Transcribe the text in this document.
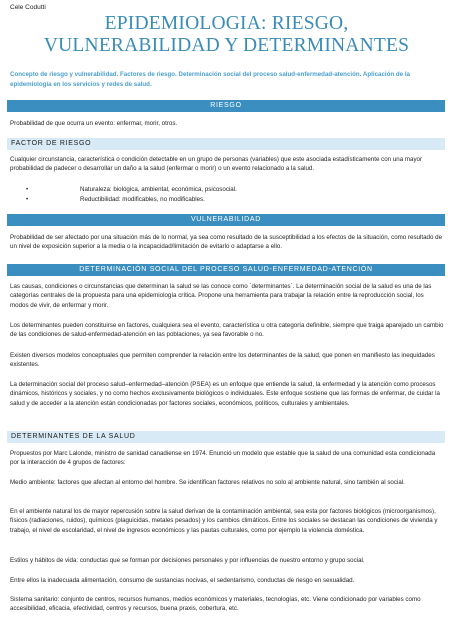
Cele Codutti
EPIDEMIOLOGIA: RIESGO,
VULNERABILIDAD Y DETERMINANTES
Concepto de riesgo y vulnerabilidad. Factores de riesgo. Determinación social del proceso salud-enfermedad-atención. Aplicación de la epidemiología en los servicios y redes de salud.
RIESGO
Probabilidad de que ocurra un evento: enfermar, morir, otros.
FACTOR DE RIESGO
Cualquier circunstancia, característica o condición detectable en un grupo de personas (variables) que este asociada estadísticamente con una mayor probabilidad de padecer o desarrollar un daño a la salud (enfermar o morir) o un evento relacionado a la salud.
•	Naturaleza: biológica, ambiental, económica, psicosocial.
•	Reductibilidad: modificables, no modificables.
VULNERABILIDAD
Probabilidad de ser afectado por una situación más de lo normal, ya sea como resultado de la susceptibilidad a los efectos de la situación, como resultado de un nivel de exposición superior a la media o la incapacidad/limitación de evitarlo o adaptarse a ello.
DETERMINACIÓN SOCIAL DEL PROCESO SALUD-ENFERMEDAD-ATENCIÓN
Las causas, condiciones o circunstancias que determinan la salud se las conoce como `determinantes´. La determinación social de la salud es una de las categorías centrales de la propuesta para una epidemiología crítica. Propone una herramienta para trabajar la relación entre la reproducción social, los modos de vivir, de enfermar y morir.
Los determinantes pueden constituirse en factores, cualquiera sea el evento, característica u otra categoría definible, siempre que traiga aparejado un cambio de las condiciones de salud-enfermedad-atención en las poblaciones, ya sea favorable o no.
Existen diversos modelos conceptuales que permiten comprender la relación entre los determinantes de la salud, que ponen en manifiesto las inequidades existentes.
La determinación social del proceso salud–enfermedad–atención (PSEA) es un enfoque que entiende la salud, la enfermedad y la atención como procesos dinámicos, históricos y sociales, y no como hechos exclusivamente biológicos o individuales. Este enfoque sostiene que las formas de enfermar, de cuidar la salud y de acceder a la atención están condicionadas por factores sociales, económicos, políticos, culturales y ambientales.
DETERMINANTES DE LA SALUD
Propuestos por Marc Lalonde, ministro de sanidad canadiense en 1974. Enunció un modelo que estable que la salud de una comunidad esta condicionada por la interacción de 4 grupos de factores:
Medio ambiente: factores que afectan al entorno del hombre. Se identifican factores relativos no solo al ambiente natural, sino también al social.
En el ambiente natural los de mayor repercusión sobre la salud derivan de la contaminación ambiental, sea esta por factores biológicos (microorganismos), físicos (radiaciones, ruidos), químicos (plaguicidas, metales pesados) y los cambios climáticos. Entre los sociales se destacan las condiciones de vivienda y trabajo, el nivel de escolaridad, el nivel de ingresos económicos y las pautas culturales, como por ejemplo la violencia doméstica.
Estilos y hábitos de vida: conductas que se forman por decisiones personales y por influencias de nuestro entorno y grupo social.
Entre ellos la inadecuada alimentación, consumo de sustancias nocivas, el sedentarismo, conductas de riesgo en sexualidad.
Sistema sanitario: conjunto de centros, recursos humanos, medios económicos y materiales, tecnologías, etc. Viene condicionado por variables como accesibilidad, eficacia, efectividad, centros y recursos, buena praxis, cobertura, etc.
